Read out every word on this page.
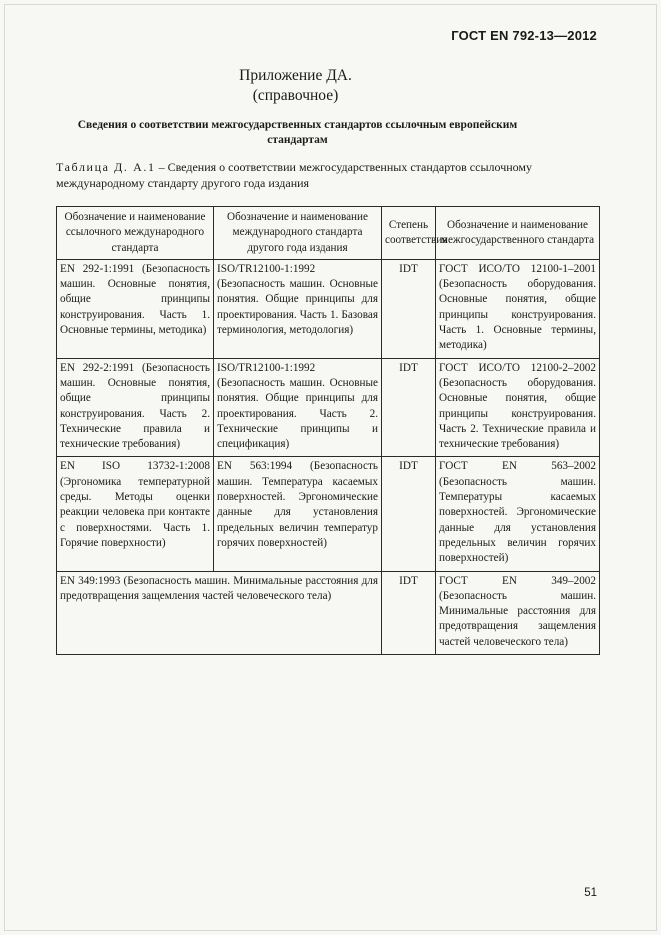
ГОСТ EN 792-13—2012
Приложение ДА.
(справочное)
Сведения о соответствии межгосударственных стандартов ссылочным европейским стандартам
Таблица Д. А.1 – Сведения о соответствии межгосударственных стандартов ссылочному международному стандарту другого года издания
Обозначение и наименование ссылочного международного стандарта	Обозначение и наименование международного стандарта другого года издания	Степень соответствия	Обозначение и наименование межгосударственного стандарта
EN 292-1:1991 (Безопасность машин. Основные понятия, общие принципы конструирования. Часть 1. Основные термины, методика)	ISO/TR12100-1:1992 (Безопасность машин. Основные понятия. Общие принципы для проектирования. Часть 1. Базовая терминология, методология)	IDT	ГОСТ ИСО/ТО 12100-1–2001 (Безопасность оборудования. Основные понятия, общие принципы конструирования. Часть 1. Основные термины, методика)
EN 292-2:1991 (Безопасность машин. Основные понятия, общие принципы конструирования. Часть 2. Технические правила и технические требования)	ISO/TR12100-1:1992 (Безопасность машин. Основные понятия. Общие принципы для проектирования. Часть 2. Технические принципы и спецификация)	IDT	ГОСТ ИСО/ТО 12100-2–2002 (Безопасность оборудования. Основные понятия, общие принципы конструирования. Часть 2. Технические правила и технические требования)
EN ISO 13732-1:2008 (Эргономика температурной среды. Методы оценки реакции человека при контакте с поверхностями. Часть 1. Горячие поверхности)	EN 563:1994 (Безопасность машин. Температура касаемых поверхностей. Эргономические данные для установления предельных величин температур горячих поверхностей)	IDT	ГОСТ EN 563–2002 (Безопасность машин. Температуры касаемых поверхностей. Эргономические данные для установления предельных величин горячих поверхностей)
EN 349:1993 (Безопасность машин. Минимальные расстояния для предотвращения защемления частей человеческого тела)		IDT	ГОСТ EN 349–2002 (Безопасность машин. Минимальные расстояния для предотвращения защемления частей человеческого тела)
51
